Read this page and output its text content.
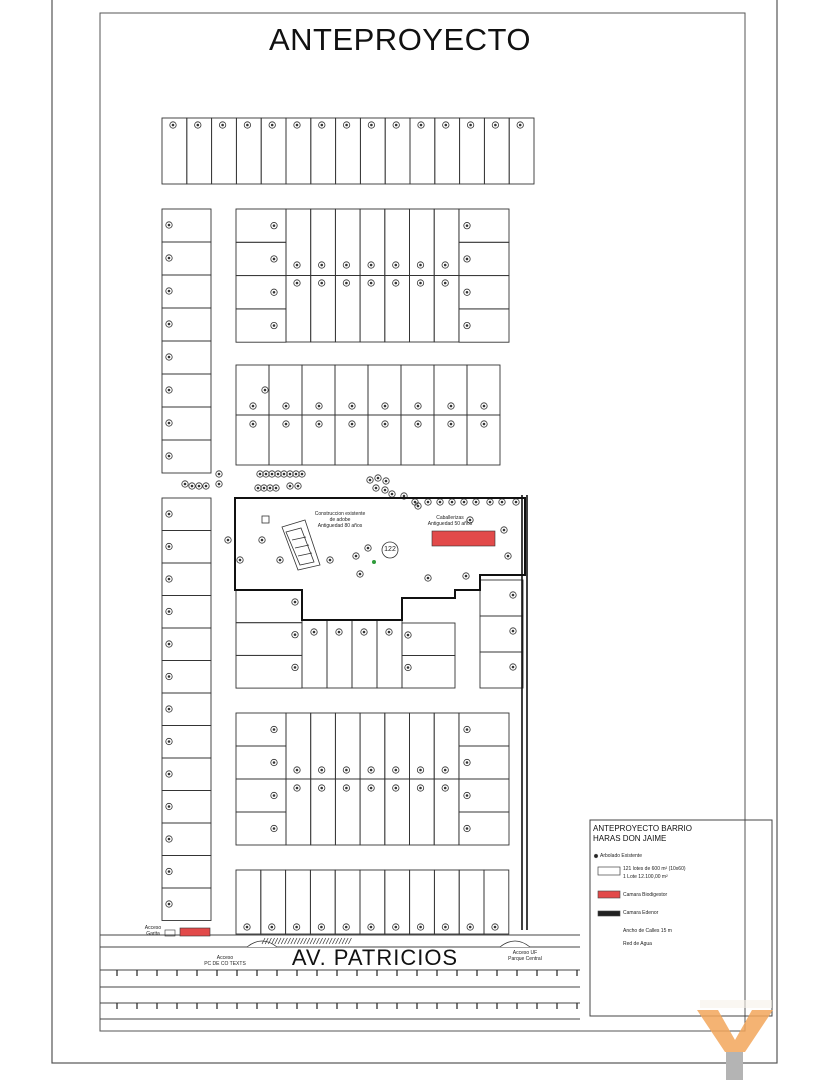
ANTEPROYECTO
AV. PATRICIOS
Construccion existente
de adobe
Antiguedad 80 años
Caballerizas
Antiguedad 50 años
122
Acceso
PC DE CO TEXTS
Acceso UF
Parque Central
Acceso
Garita
ANTEPROYECTO BARRIO
HARAS DON JAIME
Arbolado Existente
121 lotes de 600 m² (10x60)
1 Lote 12.100,00 m²
Camara Biodigestor
Camara Edenor
Ancho de Calles 15 m
Red de Agua
